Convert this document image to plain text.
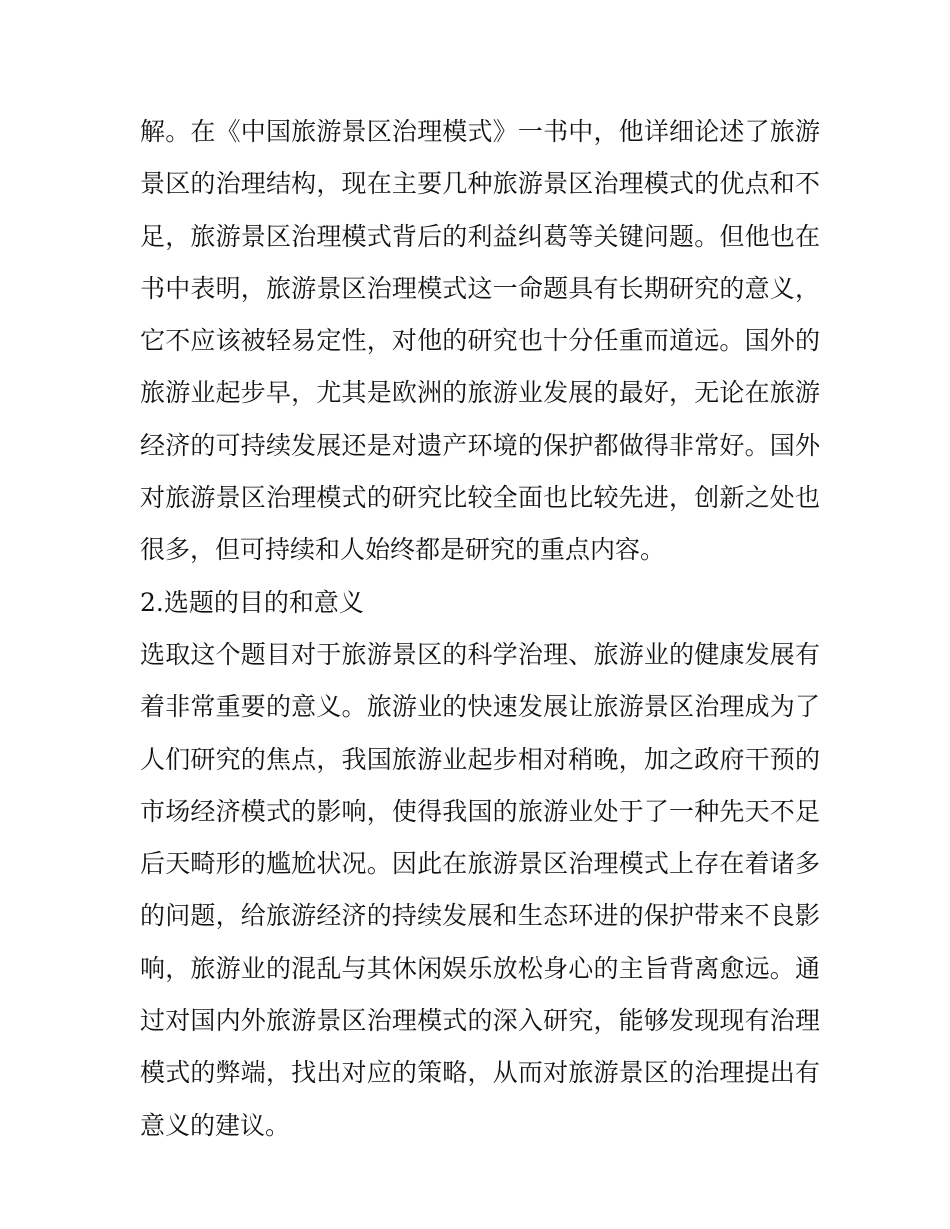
解。在《中国旅游景区治理模式》一书中，他详细论述了旅游
景区的治理结构，现在主要几种旅游景区治理模式的优点和不
足，旅游景区治理模式背后的利益纠葛等关键问题。但他也在
书中表明，旅游景区治理模式这一命题具有长期研究的意义，
它不应该被轻易定性，对他的研究也十分任重而道远。国外的
旅游业起步早，尤其是欧洲的旅游业发展的最好，无论在旅游
经济的可持续发展还是对遗产环境的保护都做得非常好。国外
对旅游景区治理模式的研究比较全面也比较先进，创新之处也
很多，但可持续和人始终都是研究的重点内容。
2.选题的目的和意义
选取这个题目对于旅游景区的科学治理、旅游业的健康发展有
着非常重要的意义。旅游业的快速发展让旅游景区治理成为了
人们研究的焦点，我国旅游业起步相对稍晚，加之政府干预的
市场经济模式的影响，使得我国的旅游业处于了一种先天不足
后天畸形的尴尬状况。因此在旅游景区治理模式上存在着诸多
的问题，给旅游经济的持续发展和生态环进的保护带来不良影
响，旅游业的混乱与其休闲娱乐放松身心的主旨背离愈远。通
过对国内外旅游景区治理模式的深入研究，能够发现现有治理
模式的弊端，找出对应的策略，从而对旅游景区的治理提出有
意义的建议。
